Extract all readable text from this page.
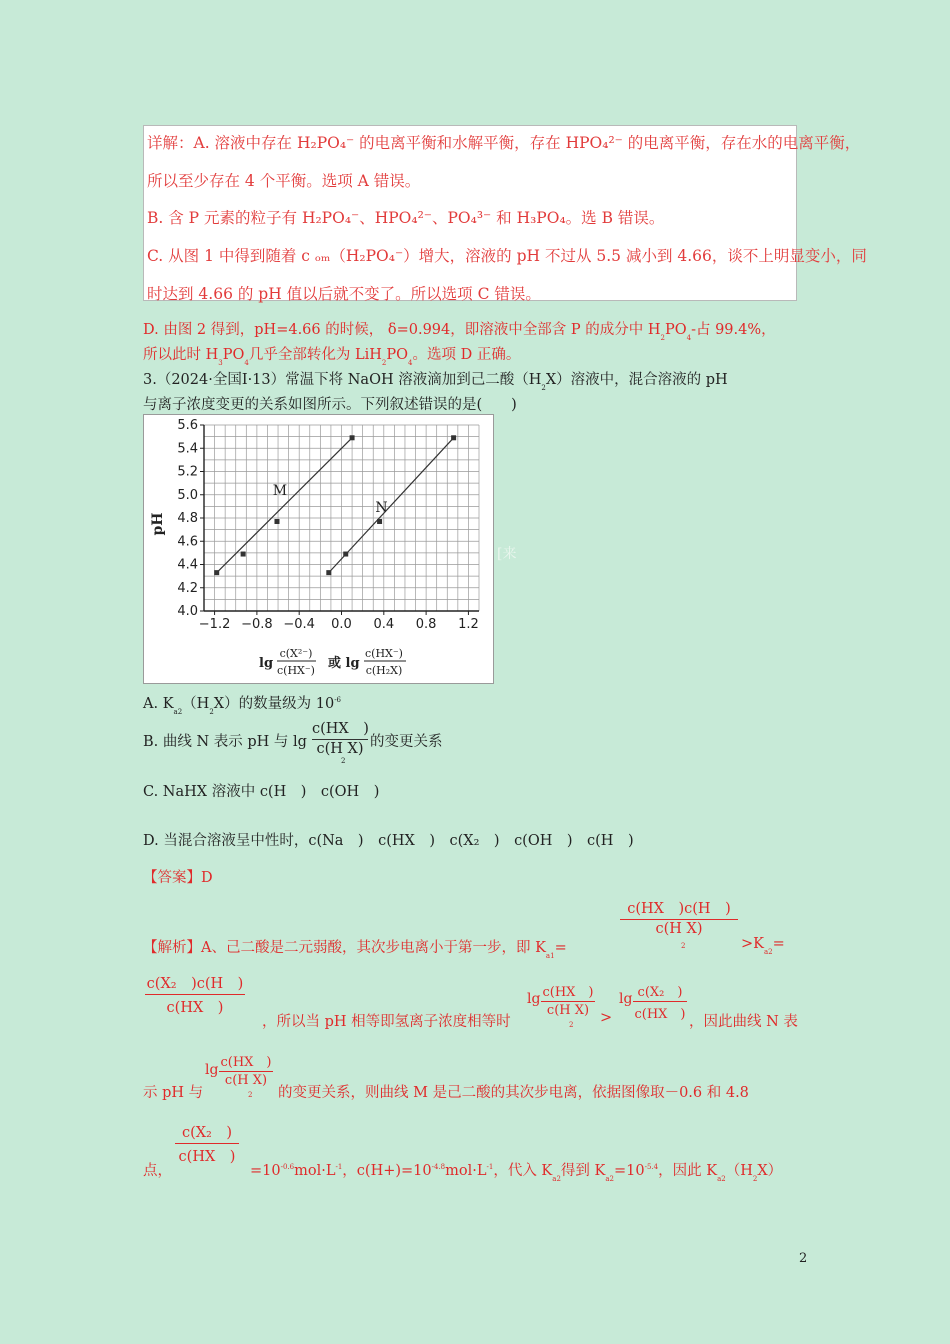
详解：A. 溶液中存在 H₂PO₄⁻ 的电离平衡和水解平衡，存在 HPO₄²⁻ 的电离平衡，存在水的电离平衡，
所以至少存在 4 个平衡。选项 A 错误。
B. 含 P 元素的粒子有 H₂PO₄⁻、HPO₄²⁻、PO₄³⁻ 和 H₃PO₄。选 B 错误。
C. 从图 1 中得到随着 c ₒₘ（H₂PO₄⁻）增大，溶液的 pH 不过从 5.5 减小到 4.66，谈不上明显变小，同
时达到 4.66 的 pH 值以后就不变了。所以选项 C 错误。
D. 由图 2 得到，pH=4.66 的时候， δ=0.994，即溶液中全部含 P 的成分中 $H_2PO_4-$占 99.4%，
所以此时 $H_3PO_4$几乎全部转化为 $LiH_2PO_4$。选项 D 正确。
3.（2024·全国Ⅰ·13）常温下将 NaOH 溶液滴加到己二酸$(H_2X)$溶液中，混合溶液的 pH
与离子浓度变更的关系如图所示。下列叙述错误的是(　　)
4.0
4.2
4.4
4.6
4.8
5.0
5.2
5.4
5.6
−1.2 −0.8 −0.4 0.0 0.4 0.8 1.2
pH
M
N
lg
c(X²⁻)
c(HX⁻) 或 lg
c(HX⁻)
c(H₂X)
[来
A. $K_{a2}(H_2X)$的数量级为 $10^{-6}$
B. 曲线 N 表示 pH 与 lg
c(HX　)
c(H X)
2
的变更关系
C. NaHX 溶液中 c(H　)　c(OH　)
D. 当混合溶液呈中性时，c(Na　)　c(HX　)　c(X₂　)　c(OH　)　c(H　)
【答案】D
c(HX　)c(H　)
c(H X)
2
【解析】A、己二酸是二元弱酸，其次步电离小于第一步，即 $K_{a1}=$	$>K_{a2}=$
c(X₂　)c(H　)
c(HX　)
，所以当 pH 相等即氢离子浓度相等时
lg c(HX　)
c(H X)
2 >
lg c(X₂　)
c(HX　) ，因此曲线 N 表
lg c(HX　)
c(H X)
2
示 pH 与	的变更关系，则曲线 M 是己二酸的其次步电离，依据图像取－0.6 和 4.8
c(X₂　)
c(HX　)
点，	$=10^{-0.6}mol\cdot L^{-1}$，$c(H+)=10^{-4.8}mol\cdot L^{-1}$，代入 $K_{a2}$得到 $K_{a2}=10^{-5.4}$，因此 $K_{a2}(H_2X)$
2
